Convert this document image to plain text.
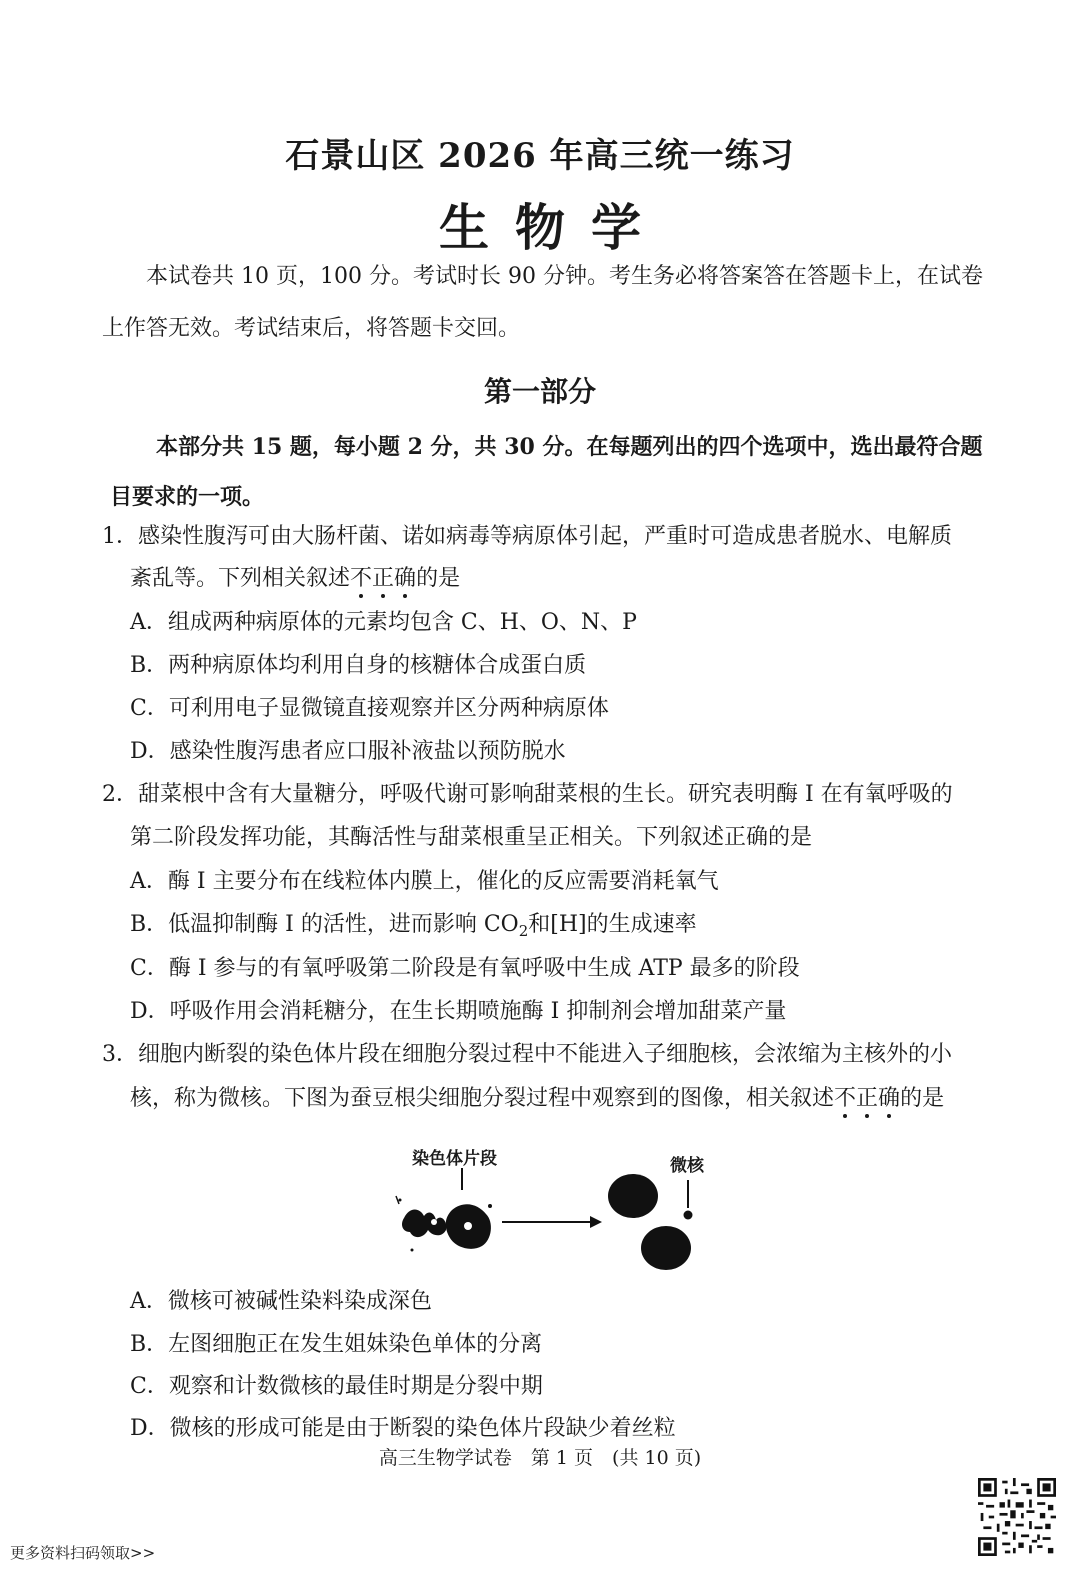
石景山区 2026 年高三统一练习
生物学
本试卷共 10 页，100 分。考试时长 90 分钟。考生务必将答案答在答题卡上，在试卷
上作答无效。考试结束后，将答题卡交回。
第一部分
本部分共 15 题，每小题 2 分，共 30 分。在每题列出的四个选项中，选出最符合题
目要求的一项。
1．感染性腹泻可由大肠杆菌、诺如病毒等病原体引起，严重时可造成患者脱水、电解质
紊乱等。下列相关叙述不正确的是
A．组成两种病原体的元素均包含 C、H、O、N、P
B．两种病原体均利用自身的核糖体合成蛋白质
C．可利用电子显微镜直接观察并区分两种病原体
D．感染性腹泻患者应口服补液盐以预防脱水
2．甜菜根中含有大量糖分，呼吸代谢可影响甜菜根的生长。研究表明酶 I 在有氧呼吸的
第二阶段发挥功能，其酶活性与甜菜根重呈正相关。下列叙述正确的是
A．酶 I 主要分布在线粒体内膜上，催化的反应需要消耗氧气
B．低温抑制酶 I 的活性，进而影响 $CO_2$和[H]的生成速率
C．酶 I 参与的有氧呼吸第二阶段是有氧呼吸中生成 ATP 最多的阶段
D．呼吸作用会消耗糖分，在生长期喷施酶 I 抑制剂会增加甜菜产量
3．细胞内断裂的染色体片段在细胞分裂过程中不能进入子细胞核，会浓缩为主核外的小
核，称为微核。下图为蚕豆根尖细胞分裂过程中观察到的图像，相关叙述不正确的是
染色体片段	微核
A．微核可被碱性染料染成深色
B．左图细胞正在发生姐妹染色单体的分离
C．观察和计数微核的最佳时期是分裂中期
D．微核的形成可能是由于断裂的染色体片段缺少着丝粒
高三生物学试卷　第 1 页　(共 10 页)
更多资料扫码领取>>
